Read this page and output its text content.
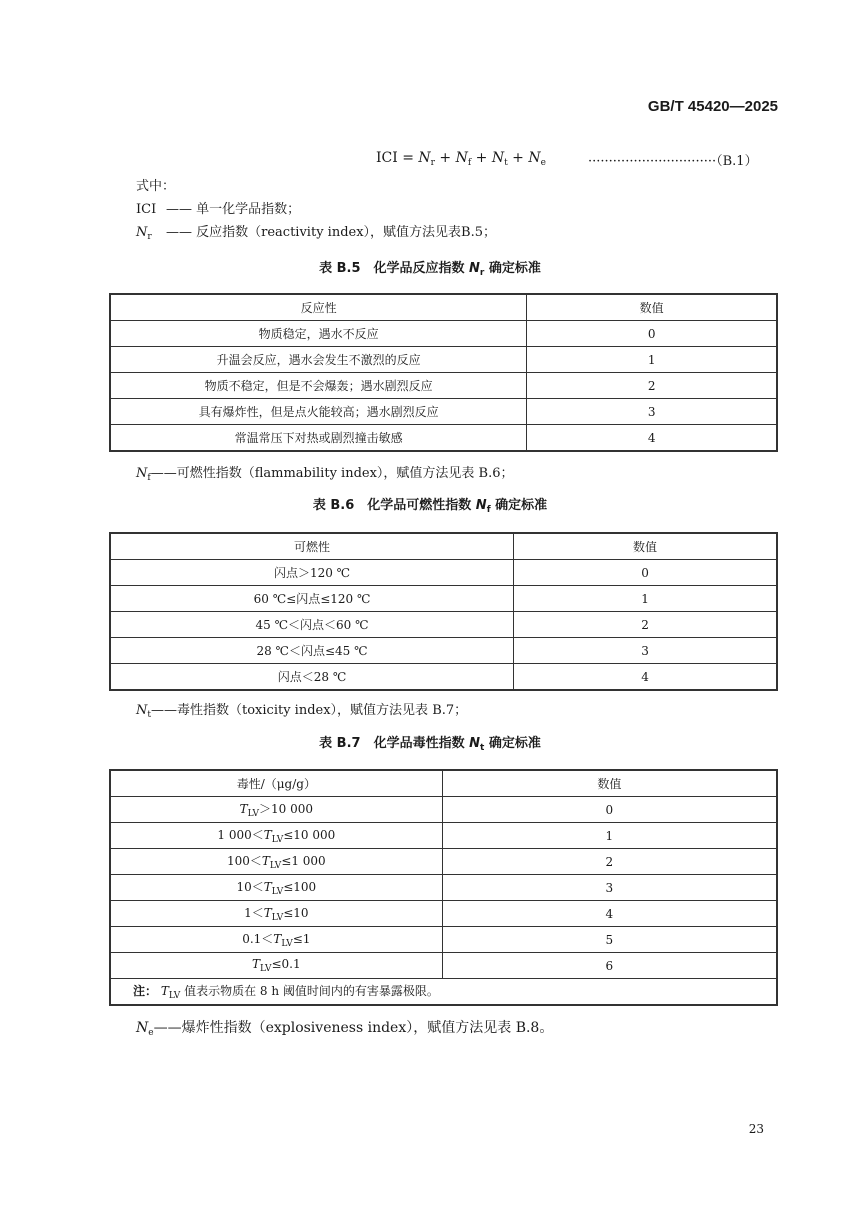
GB/T 45420—2025
ICI = $N_r + N_f + N_t + N_e$	·······························（B.1）
式中：
ICI —— 单一化学品指数；
$N_r$ —— 反应指数（reactivity index），赋值方法见表B.5；
表 B.5　化学品反应指数 $N_r$ 确定标准
反应性	数值
物质稳定，遇水不反应	0
升温会反应，遇水会发生不激烈的反应	1
物质不稳定，但是不会爆轰；遇水剧烈反应	2
具有爆炸性，但是点火能较高；遇水剧烈反应	3
常温常压下对热或剧烈撞击敏感	4
$N_f——$可燃性指数（flammability index），赋值方法见表 B.6；
表 B.6　化学品可燃性指数 $N_f$ 确定标准
可燃性	数值
闪点＞120 ℃	0
60 ℃≤闪点≤120 ℃	1
45 ℃＜闪点＜60 ℃	2
28 ℃＜闪点≤45 ℃	3
闪点＜28 ℃	4
$N_t——$毒性指数（toxicity index），赋值方法见表 B.7；
表 B.7　化学品毒性指数 $N_t$ 确定标准
毒性/（μg/g）	数值
$T_{LV}>10$ 000	0
1 $000<T_{LV}\le 10$ 000	1
$100<T_{LV}\le 1$ 000	2
$10<T_{LV}\le 100$	3
$1<T_{LV}\le 10$	4
$0.1<T_{LV}\le 1$	5
$T_{LV}\le 0.1$	6
注： $T_{LV}$ 值表示物质在 8 h 阈值时间内的有害暴露极限。	
$N_e——$爆炸性指数（explosiveness index），赋值方法见表 B.8。
23
